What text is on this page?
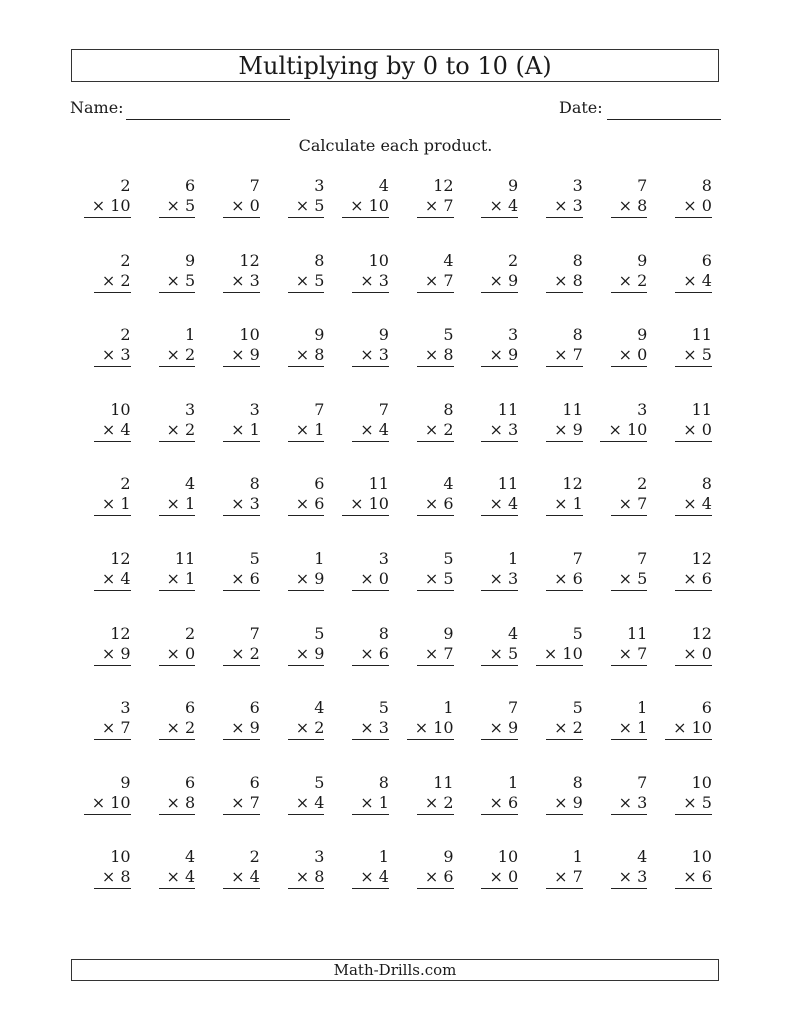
Multiplying by 0 to 10 (A)
Name:	Date:
Calculate each product.
2
× 10
6
× 5
7
× 0
3
× 5
4
× 10
12
× 7
9
× 4
3
× 3
7
× 8
8
× 0
2
× 2
9
× 5
12
× 3
8
× 5
10
× 3
4
× 7
2
× 9
8
× 8
9
× 2
6
× 4
2
× 3
1
× 2
10
× 9
9
× 8
9
× 3
5
× 8
3
× 9
8
× 7
9
× 0
11
× 5
10
× 4
3
× 2
3
× 1
7
× 1
7
× 4
8
× 2
11
× 3
11
× 9
3
× 10
11
× 0
2
× 1
4
× 1
8
× 3
6
× 6
11
× 10
4
× 6
11
× 4
12
× 1
2
× 7
8
× 4
12
× 4
11
× 1
5
× 6
1
× 9
3
× 0
5
× 5
1
× 3
7
× 6
7
× 5
12
× 6
12
× 9
2
× 0
7
× 2
5
× 9
8
× 6
9
× 7
4
× 5
5
× 10
11
× 7
12
× 0
3
× 7
6
× 2
6
× 9
4
× 2
5
× 3
1
× 10
7
× 9
5
× 2
1
× 1
6
× 10
9
× 10
6
× 8
6
× 7
5
× 4
8
× 1
11
× 2
1
× 6
8
× 9
7
× 3
10
× 5
10
× 8
4
× 4
2
× 4
3
× 8
1
× 4
9
× 6
10
× 0
1
× 7
4
× 3
10
× 6
Math-Drills.com
